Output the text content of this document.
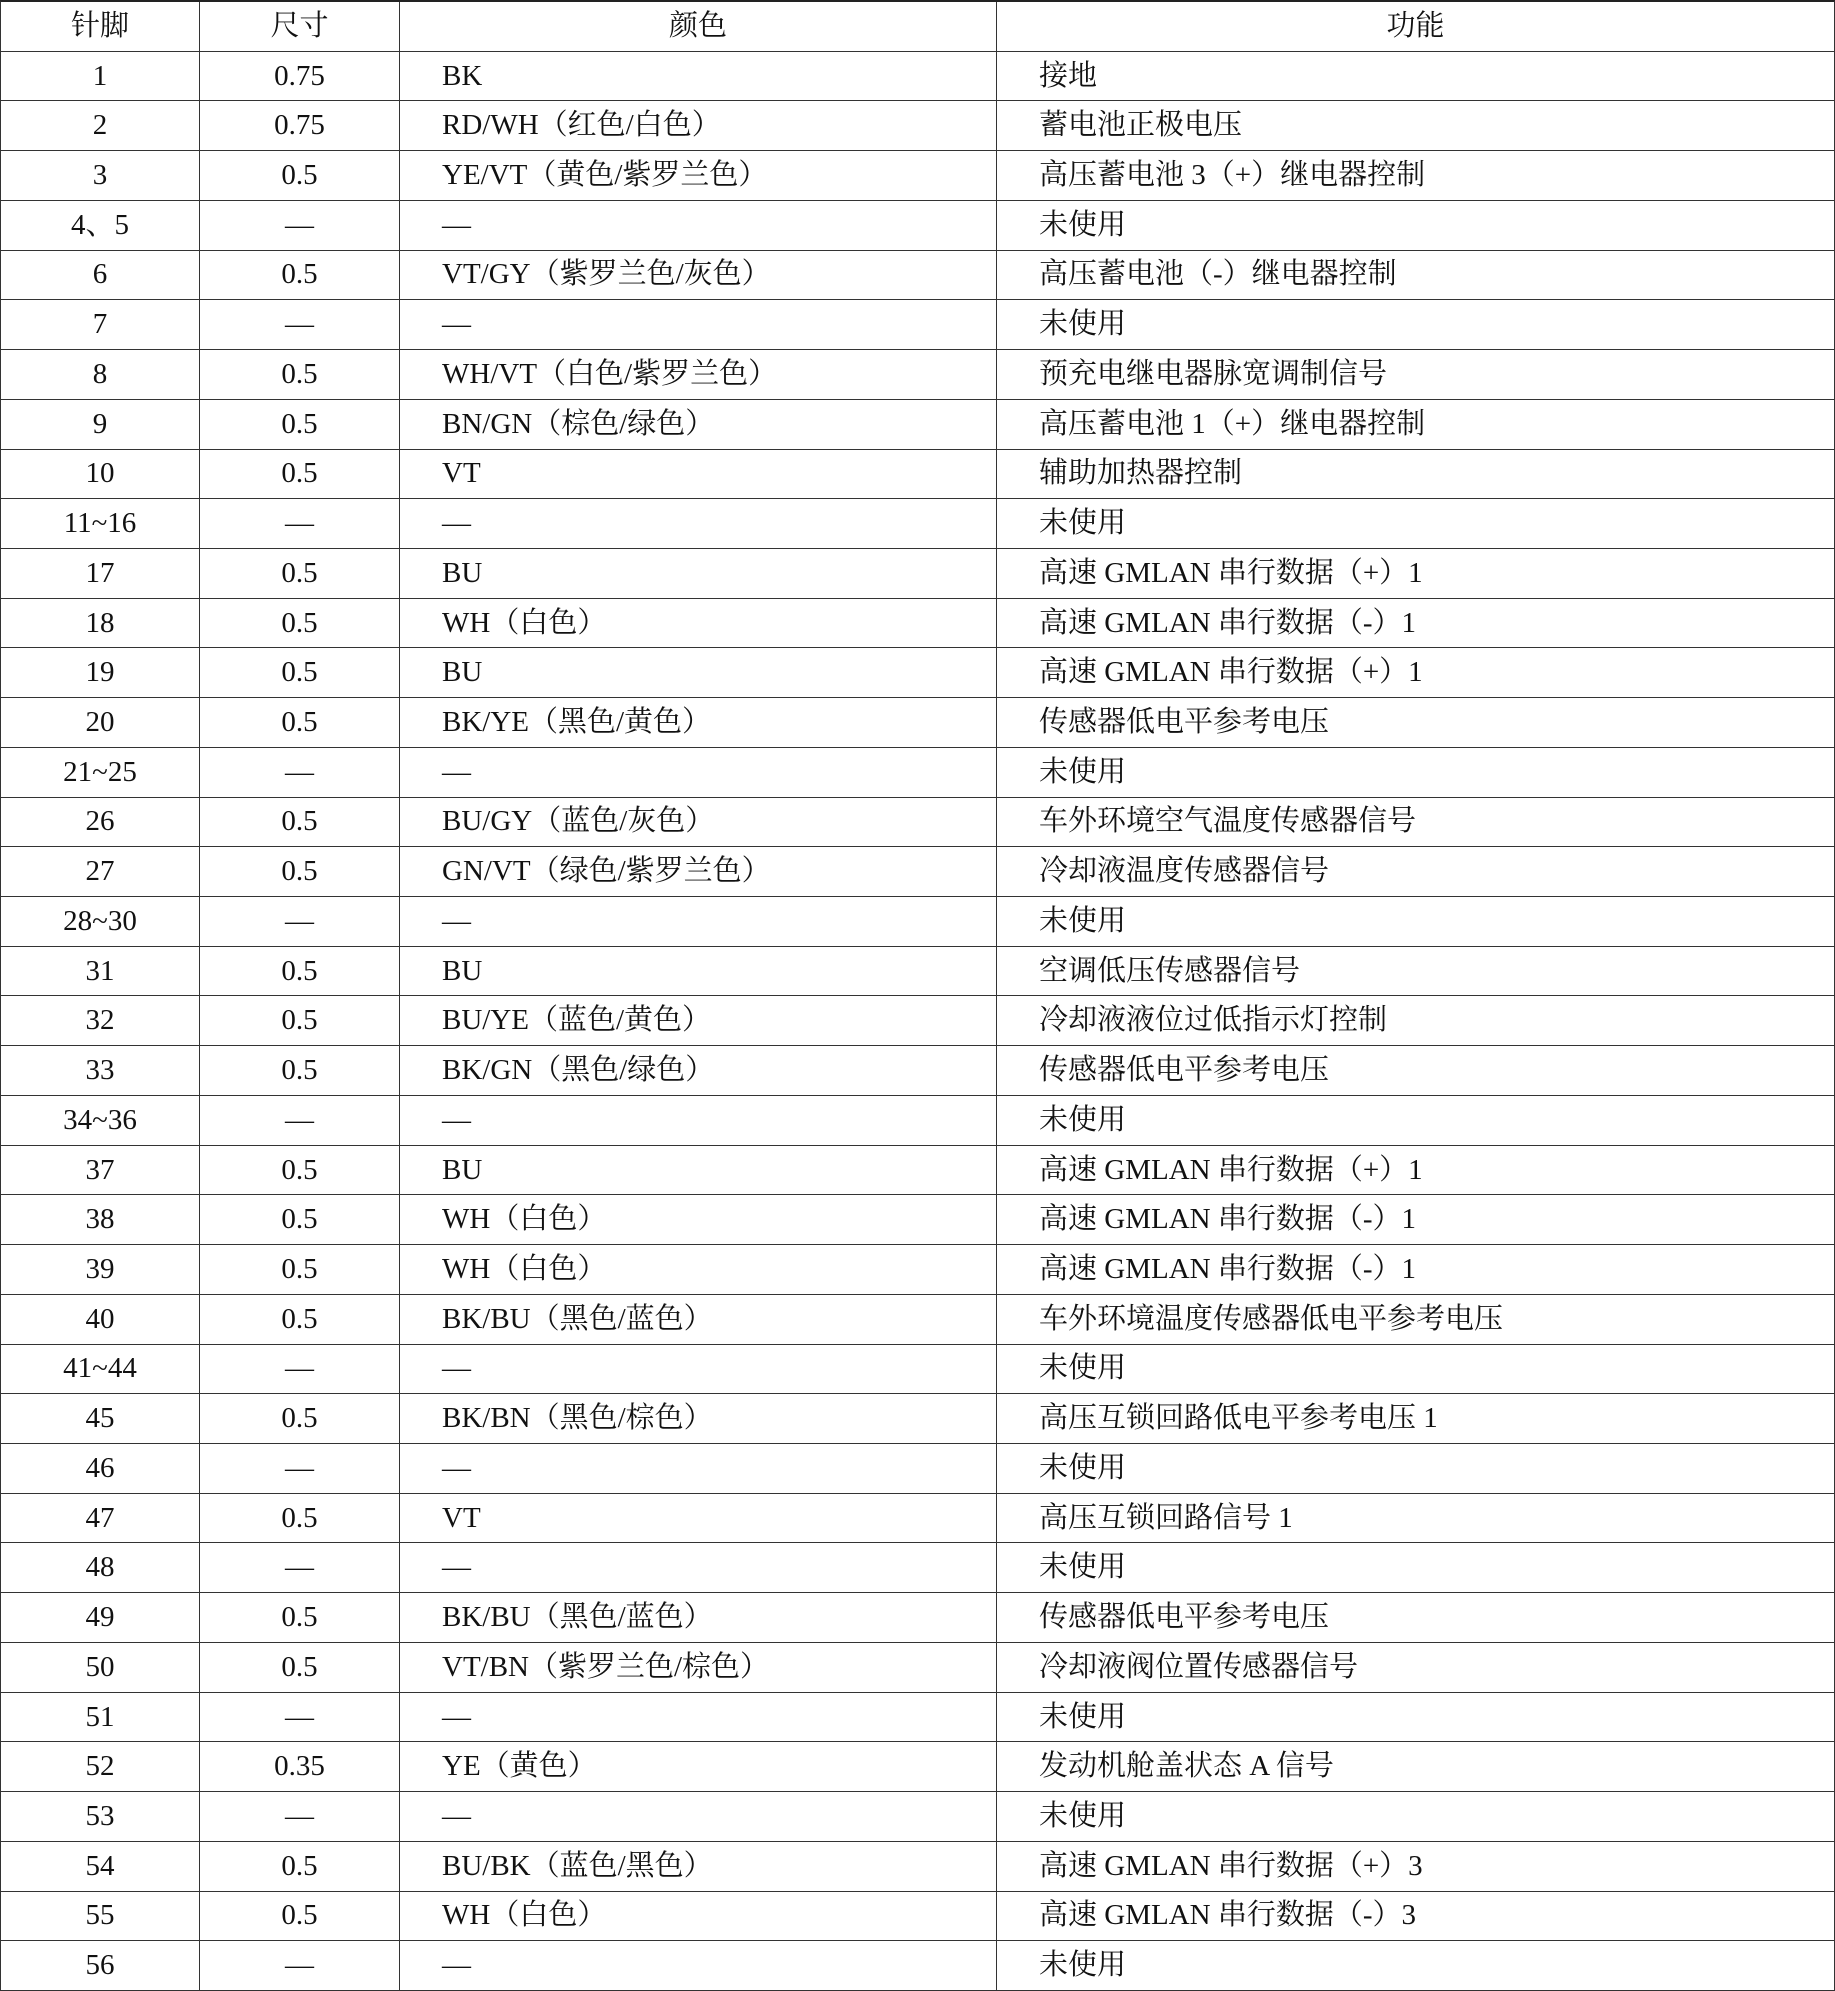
针脚	尺寸	颜色	功能
1	0.75	BK	接地
2	0.75	RD/WH（红色/白色）	蓄电池正极电压
3	0.5	YE/VT（黄色/紫罗兰色）	高压蓄电池 3（+）继电器控制
4、5	—	—	未使用
6	0.5	VT/GY（紫罗兰色/灰色）	高压蓄电池（-）继电器控制
7	—	—	未使用
8	0.5	WH/VT（白色/紫罗兰色）	预充电继电器脉宽调制信号
9	0.5	BN/GN（棕色/绿色）	高压蓄电池 1（+）继电器控制
10	0.5	VT	辅助加热器控制
11~16	—	—	未使用
17	0.5	BU	高速 GMLAN 串行数据（+）1
18	0.5	WH（白色）	高速 GMLAN 串行数据（-）1
19	0.5	BU	高速 GMLAN 串行数据（+）1
20	0.5	BK/YE（黑色/黄色）	传感器低电平参考电压
21~25	—	—	未使用
26	0.5	BU/GY（蓝色/灰色）	车外环境空气温度传感器信号
27	0.5	GN/VT（绿色/紫罗兰色）	冷却液温度传感器信号
28~30	—	—	未使用
31	0.5	BU	空调低压传感器信号
32	0.5	BU/YE（蓝色/黄色）	冷却液液位过低指示灯控制
33	0.5	BK/GN（黑色/绿色）	传感器低电平参考电压
34~36	—	—	未使用
37	0.5	BU	高速 GMLAN 串行数据（+）1
38	0.5	WH（白色）	高速 GMLAN 串行数据（-）1
39	0.5	WH（白色）	高速 GMLAN 串行数据（-）1
40	0.5	BK/BU（黑色/蓝色）	车外环境温度传感器低电平参考电压
41~44	—	—	未使用
45	0.5	BK/BN（黑色/棕色）	高压互锁回路低电平参考电压 1
46	—	—	未使用
47	0.5	VT	高压互锁回路信号 1
48	—	—	未使用
49	0.5	BK/BU（黑色/蓝色）	传感器低电平参考电压
50	0.5	VT/BN（紫罗兰色/棕色）	冷却液阀位置传感器信号
51	—	—	未使用
52	0.35	YE（黄色）	发动机舱盖状态 A 信号
53	—	—	未使用
54	0.5	BU/BK（蓝色/黑色）	高速 GMLAN 串行数据（+）3
55	0.5	WH（白色）	高速 GMLAN 串行数据（-）3
56	—	—	未使用
